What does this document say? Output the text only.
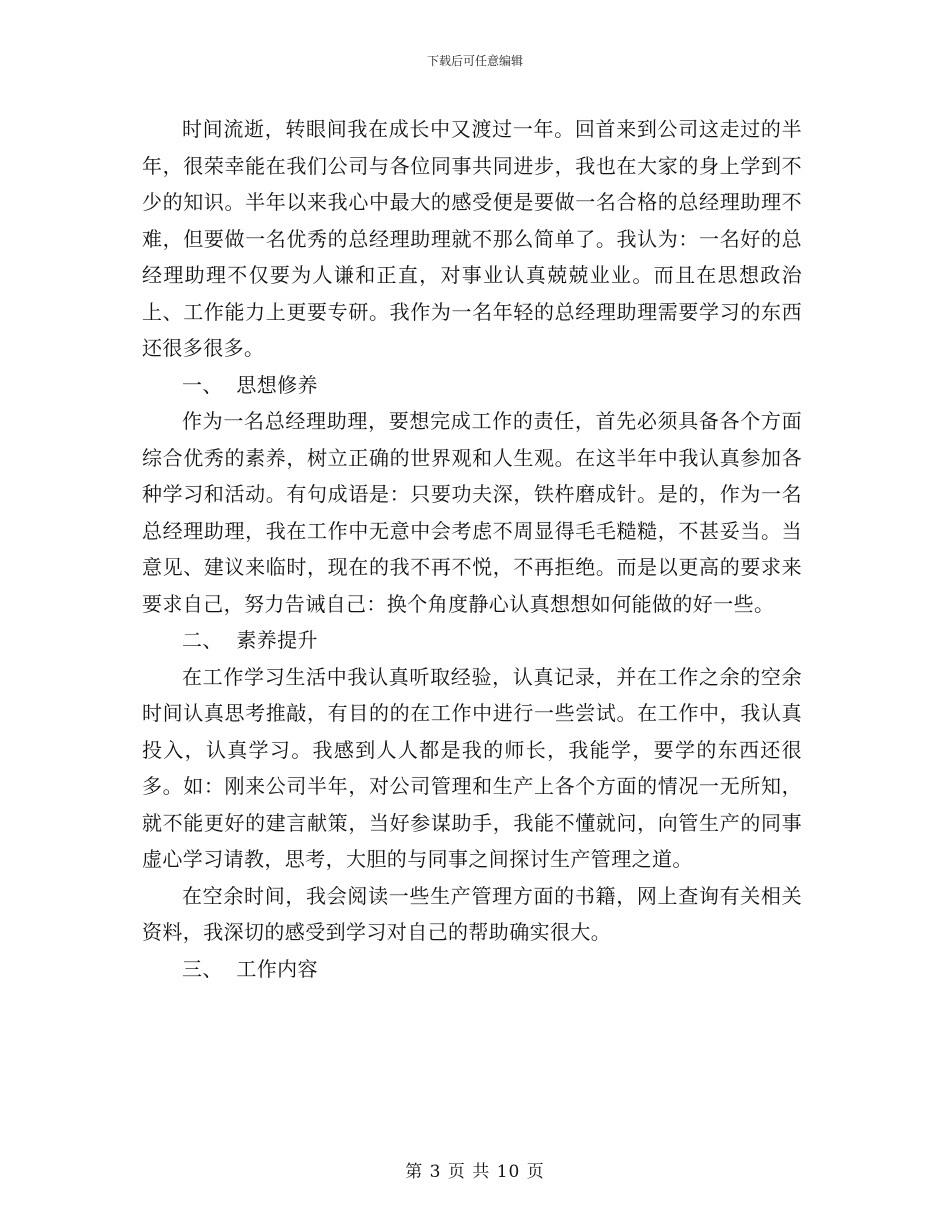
下载后可任意编辑

时间流逝，转眼间我在成长中又渡过一年。回首来到公司这走过的半年，很荣幸能在我们公司与各位同事共同进步，我也在大家的身上学到不少的知识。半年以来我心中最大的感受便是要做一名合格的总经理助理不难，但要做一名优秀的总经理助理就不那么简单了。我认为：一名好的总经理助理不仅要为人谦和正直，对事业认真兢兢业业。而且在思想政治上、工作能力上更要专研。我作为一名年轻的总经理助理需要学习的东西还很多很多。

一、  思想修养

作为一名总经理助理，要想完成工作的责任，首先必须具备各个方面综合优秀的素养，树立正确的世界观和人生观。在这半年中我认真参加各种学习和活动。有句成语是：只要功夫深，铁杵磨成针。是的，作为一名总经理助理，我在工作中无意中会考虑不周显得毛毛糙糙，不甚妥当。当意见、建议来临时，现在的我不再不悦，不再拒绝。而是以更高的要求来要求自己，努力告诫自己：换个角度静心认真想想如何能做的好一些。

二、  素养提升

在工作学习生活中我认真听取经验，认真记录，并在工作之余的空余时间认真思考推敲，有目的的在工作中进行一些尝试。在工作中，我认真投入，认真学习。我感到人人都是我的师长，我能学，要学的东西还很多。如：刚来公司半年，对公司管理和生产上各个方面的情况一无所知，就不能更好的建言献策，当好参谋助手，我能不懂就问，向管生产的同事虚心学习请教，思考，大胆的与同事之间探讨生产管理之道。

在空余时间，我会阅读一些生产管理方面的书籍，网上查询有关相关资料，我深切的感受到学习对自己的帮助确实很大。

三、  工作内容

第 3 页 共 10 页
